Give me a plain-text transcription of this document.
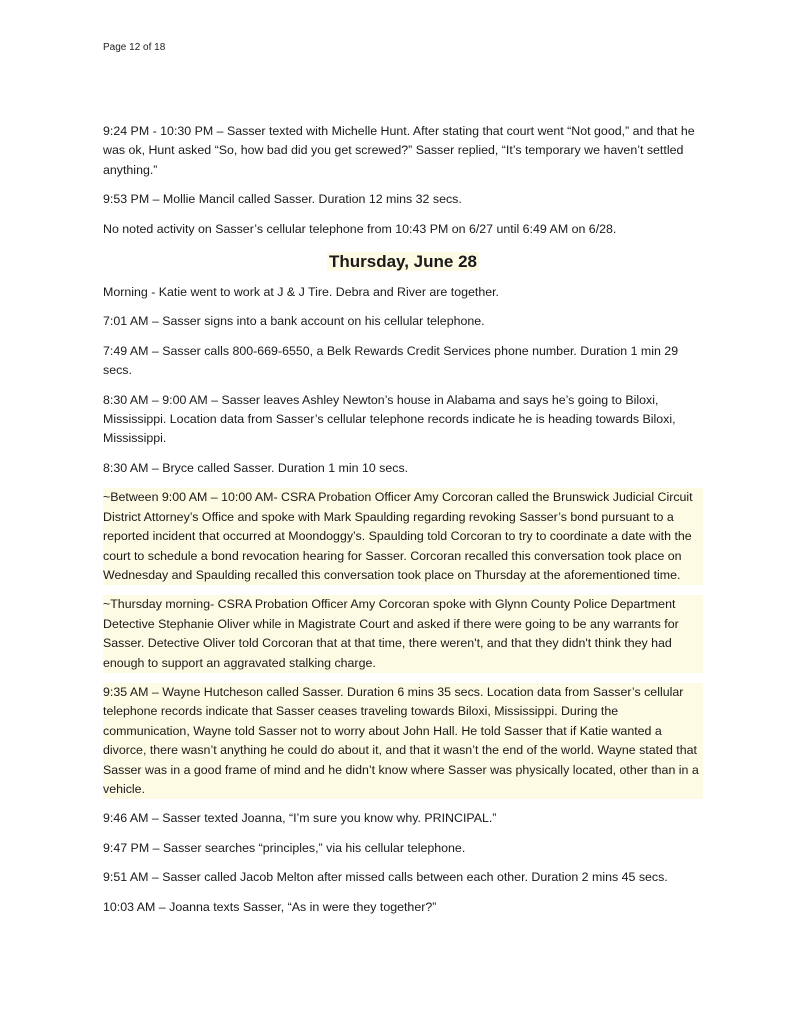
Page 12 of 18

9:24 PM - 10:30 PM – Sasser texted with Michelle Hunt. After stating that court went “Not good,” and that he was ok, Hunt asked “So, how bad did you get screwed?” Sasser replied, “It’s temporary we haven’t settled anything.”

9:53 PM – Mollie Mancil called Sasser. Duration 12 mins 32 secs.

No noted activity on Sasser’s cellular telephone from 10:43 PM on 6/27 until 6:49 AM on 6/28.

Thursday, June 28

Morning - Katie went to work at J & J Tire. Debra and River are together.

7:01 AM – Sasser signs into a bank account on his cellular telephone.

7:49 AM – Sasser calls 800-669-6550, a Belk Rewards Credit Services phone number. Duration 1 min 29 secs.

8:30 AM – 9:00 AM – Sasser leaves Ashley Newton’s house in Alabama and says he’s going to Biloxi, Mississippi. Location data from Sasser’s cellular telephone records indicate he is heading towards Biloxi, Mississippi.

8:30 AM – Bryce called Sasser. Duration 1 min 10 secs.

~Between 9:00 AM – 10:00 AM- CSRA Probation Officer Amy Corcoran called the Brunswick Judicial Circuit District Attorney’s Office and spoke with Mark Spaulding regarding revoking Sasser’s bond pursuant to a reported incident that occurred at Moondoggy’s. Spaulding told Corcoran to try to coordinate a date with the court to schedule a bond revocation hearing for Sasser. Corcoran recalled this conversation took place on Wednesday and Spaulding recalled this conversation took place on Thursday at the aforementioned time.

~Thursday morning- CSRA Probation Officer Amy Corcoran spoke with Glynn County Police Department Detective Stephanie Oliver while in Magistrate Court and asked if there were going to be any warrants for Sasser. Detective Oliver told Corcoran that at that time, there weren't, and that they didn't think they had enough to support an aggravated stalking charge.

9:35 AM – Wayne Hutcheson called Sasser. Duration 6 mins 35 secs. Location data from Sasser’s cellular telephone records indicate that Sasser ceases traveling towards Biloxi, Mississippi. During the communication, Wayne told Sasser not to worry about John Hall. He told Sasser that if Katie wanted a divorce, there wasn’t anything he could do about it, and that it wasn’t the end of the world. Wayne stated that Sasser was in a good frame of mind and he didn’t know where Sasser was physically located, other than in a vehicle.

9:46 AM – Sasser texted Joanna, “I’m sure you know why. PRINCIPAL.”

9:47 PM – Sasser searches “principles,” via his cellular telephone.

9:51 AM – Sasser called Jacob Melton after missed calls between each other. Duration 2 mins 45 secs.

10:03 AM – Joanna texts Sasser, “As in were they together?”
